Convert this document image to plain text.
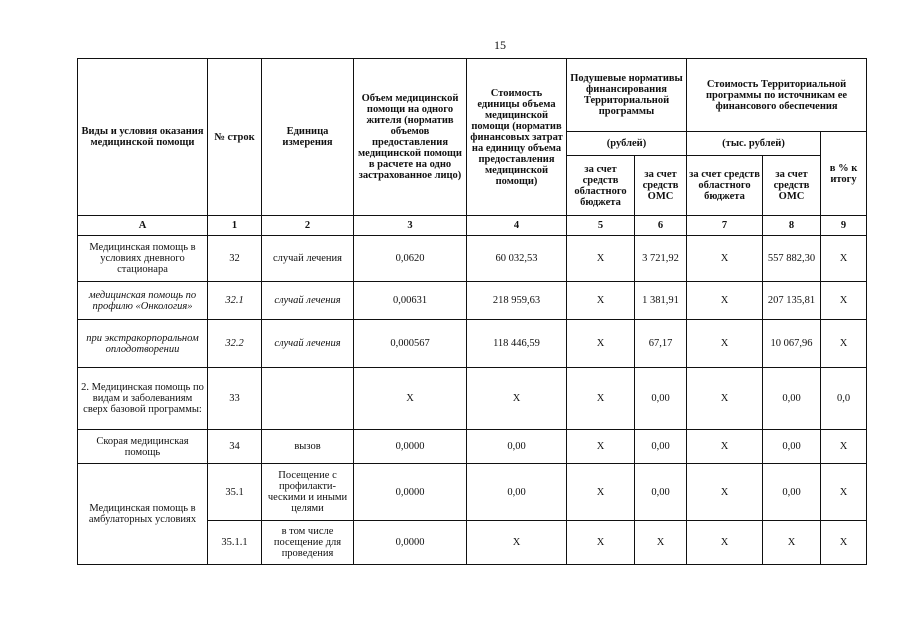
15
Виды и условия оказания медицинской помощи	№ строк	Единица измерения	Объем медицинской помощи на одного жителя (норматив объемов предоставления медицинской помощи в расчете на одно застрахованное лицо)	Стоимость единицы объема медицинской помощи (норматив финансовых затрат на единицу объема предоставления медицинской помощи)	Подушевые нормативы финансирования Территориальной программы		Стоимость Территориальной программы по источникам ее финансового обеспечения		
					(рублей)		(тыс. рублей)		в % к итогу
					за счет средств областного бюджета	за счет средств ОМС	за счет средств областного бюджета	за счет средств ОМС	
А	1	2	3	4	5	6	7	8	9
Медицинская помощь в условиях дневного стационара	32	случай лечения	0,0620	60 032,53	X	3 721,92	X	557 882,30	X
медицинская помощь по профилю «Онкология»	32.1	случай лечения	0,00631	218 959,63	X	1 381,91	X	207 135,81	X
при экстракорпоральном оплодотворении	32.2	случай лечения	0,000567	118 446,59	X	67,17	X	10 067,96	X
2. Медицинская помощь по видам и заболеваниям сверх базовой программы:	33		X	X	X	0,00	X	0,00	0,0
Скорая медицинская помощь	34	вызов	0,0000	0,00	X	0,00	X	0,00	X
Медицинская помощь в амбулаторных условиях	35.1	Посещение с профилакти-ческими и иными целями	0,0000	0,00	X	0,00	X	0,00	X
	35.1.1	в том числе посещение для проведения	0,0000	X	X	X	X	X	X
